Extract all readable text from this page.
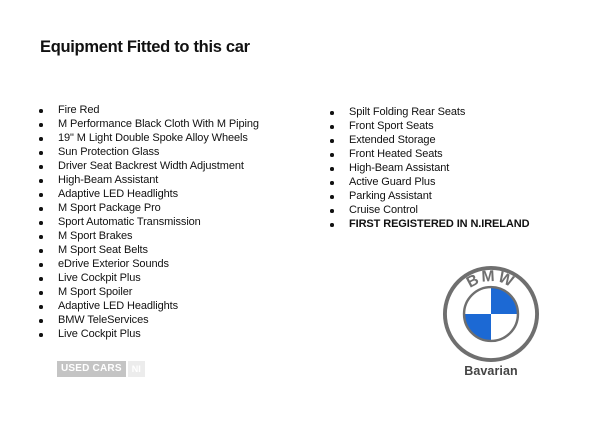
Equipment Fitted to this car
Fire Red
M Performance Black Cloth With M Piping
19" M Light Double Spoke Alloy Wheels
Sun Protection Glass
Driver Seat Backrest Width Adjustment
High-Beam Assistant
Adaptive LED Headlights
M Sport Package Pro
Sport Automatic Transmission
M Sport Brakes
M Sport Seat Belts
eDrive Exterior Sounds
Live Cockpit Plus
M Sport Spoiler
Adaptive LED Headlights
BMW TeleServices
Live Cockpit Plus
Spilt Folding Rear Seats
Front Sport Seats
Extended Storage
Front Heated Seats
High-Beam Assistant
Active Guard Plus
Parking Assistant
Cruise Control
FIRST REGISTERED IN N.IRELAND
USED CARS	NI
BMW
Bavarian
